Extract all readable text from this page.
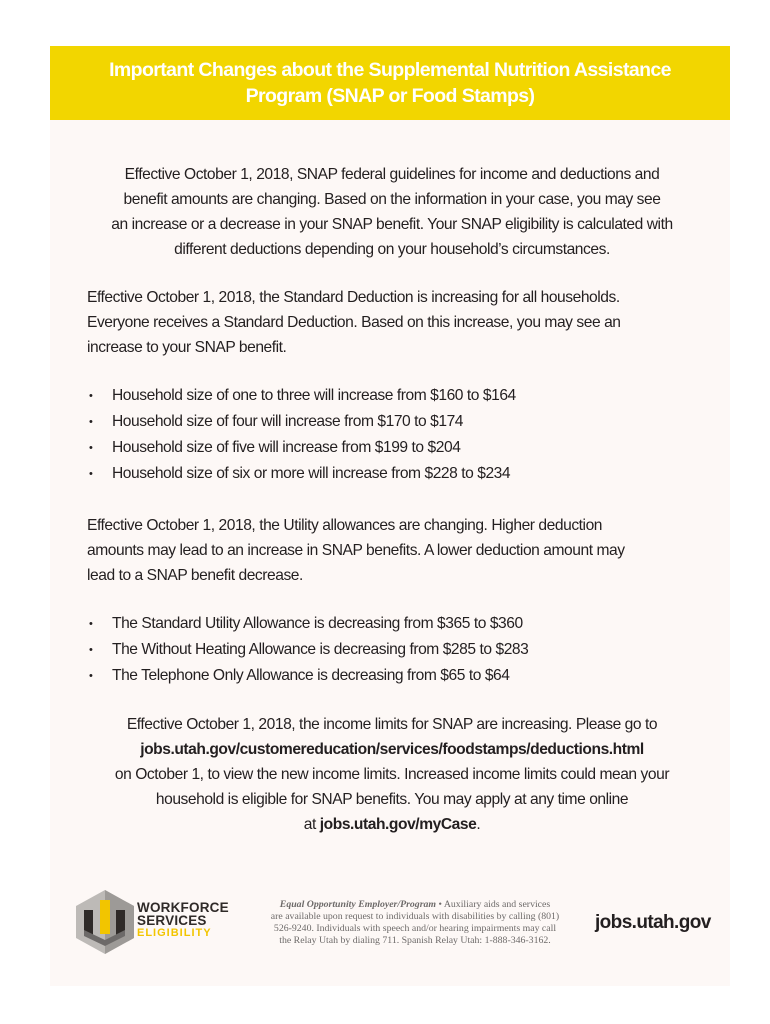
Important Changes about the Supplemental Nutrition Assistance
Program (SNAP or Food Stamps)

Effective October 1, 2018, SNAP federal guidelines for income and deductions and
benefit amounts are changing. Based on the information in your case, you may see
an increase or a decrease in your SNAP benefit. Your SNAP eligibility is calculated with
different deductions depending on your household’s circumstances.

Effective October 1, 2018, the Standard Deduction is increasing for all households.
Everyone receives a Standard Deduction. Based on this increase, you may see an
increase to your SNAP benefit.

• Household size of one to three will increase from $160 to $164
• Household size of four will increase from $170 to $174
• Household size of five will increase from $199 to $204
• Household size of six or more will increase from $228 to $234

Effective October 1, 2018, the Utility allowances are changing. Higher deduction
amounts may lead to an increase in SNAP benefits. A lower deduction amount may
lead to a SNAP benefit decrease.

• The Standard Utility Allowance is decreasing from $365 to $360
• The Without Heating Allowance is decreasing from $285 to $283
• The Telephone Only Allowance is decreasing from $65 to $64

Effective October 1, 2018, the income limits for SNAP are increasing. Please go to
jobs.utah.gov/customereducation/services/foodstamps/deductions.html
on October 1, to view the new income limits. Increased income limits could mean your
household is eligible for SNAP benefits. You may apply at any time online
at jobs.utah.gov/myCase.

WORKFORCE
SERVICES
ELIGIBILITY
Equal Opportunity Employer/Program • Auxiliary aids and services
are available upon request to individuals with disabilities by calling (801)
526-9240. Individuals with speech and/or hearing impairments may call
the Relay Utah by dialing 711. Spanish Relay Utah: 1-888-346-3162.
jobs.utah.gov
